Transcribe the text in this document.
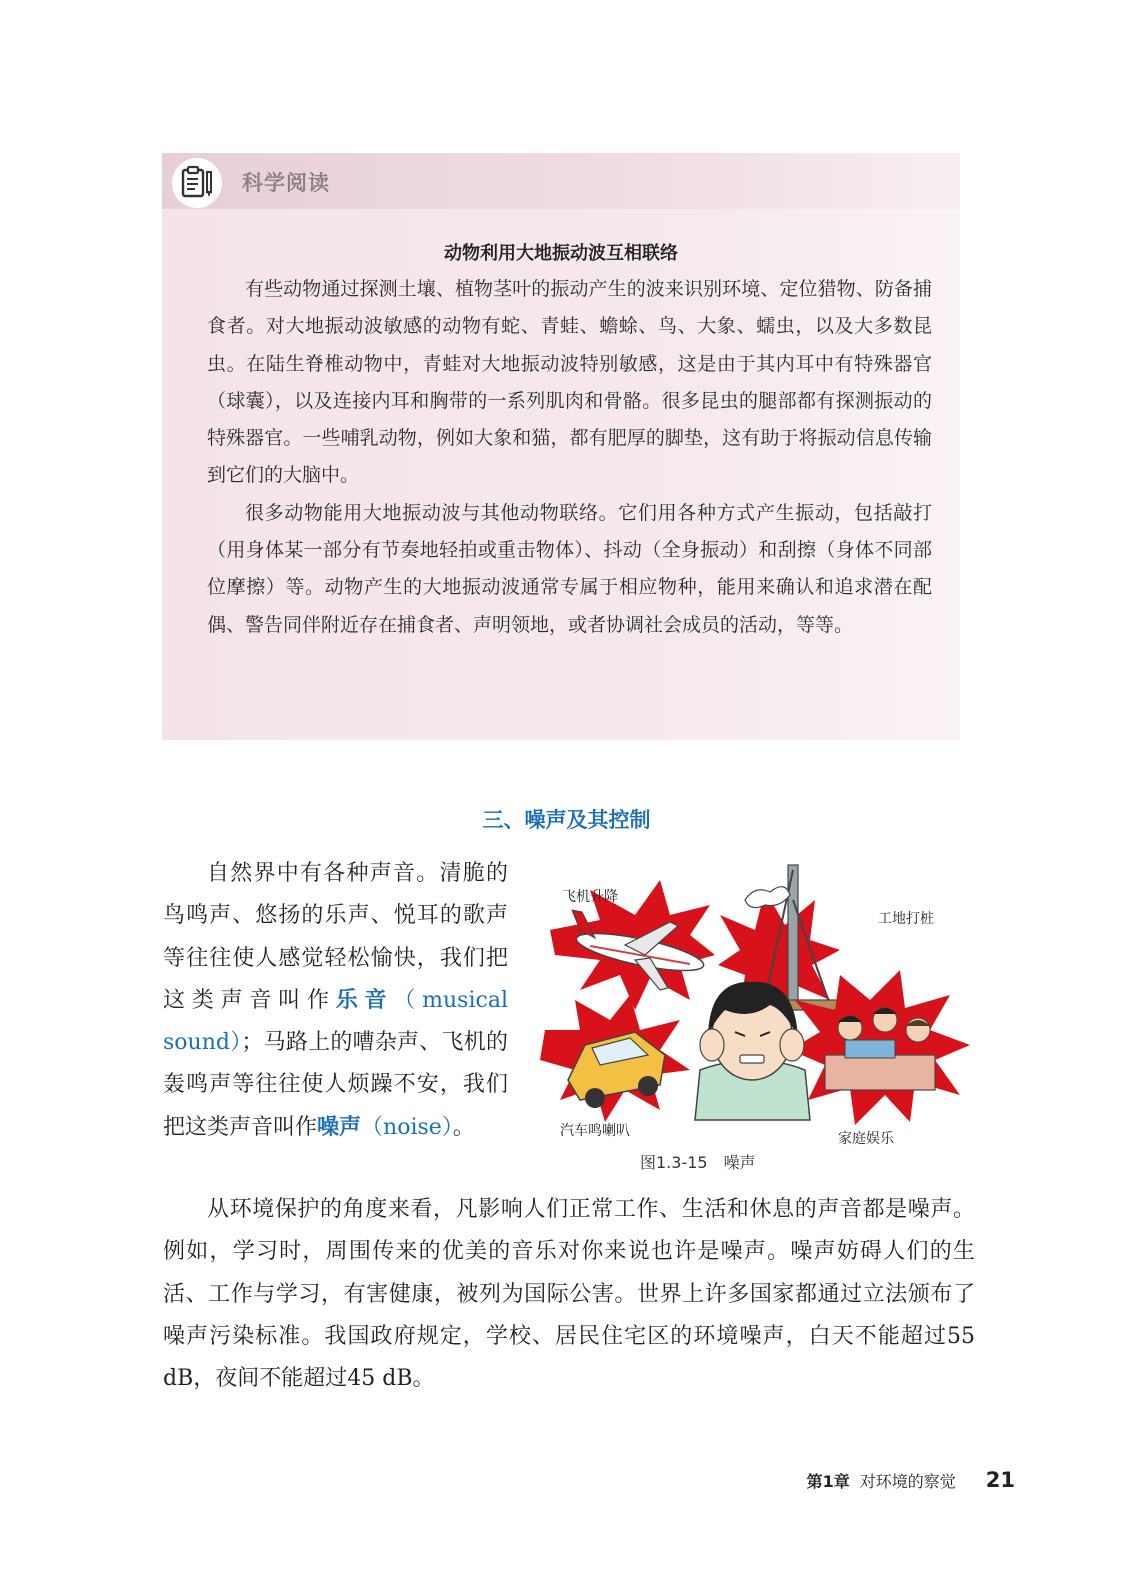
科学阅读
动物利用大地振动波互相联络

有些动物通过探测土壤、植物茎叶的振动产生的波来识别环境、定位猎物、防备捕食者。对大地振动波敏感的动物有蛇、青蛙、蟾蜍、鸟、大象、蠕虫，以及大多数昆虫。在陆生脊椎动物中，青蛙对大地振动波特别敏感，这是由于其内耳中有特殊器官（球囊），以及连接内耳和胸带的一系列肌肉和骨骼。很多昆虫的腿部都有探测振动的特殊器官。一些哺乳动物，例如大象和猫，都有肥厚的脚垫，这有助于将振动信息传输到它们的大脑中。

很多动物能用大地振动波与其他动物联络。它们用各种方式产生振动，包括敲打（用身体某一部分有节奏地轻拍或重击物体）、抖动（全身振动）和刮擦（身体不同部位摩擦）等。动物产生的大地振动波通常专属于相应物种，能用来确认和追求潜在配偶、警告同伴附近存在捕食者、声明领地，或者协调社会成员的活动，等等。

三、噪声及其控制

自然界中有各种声音。清脆的鸟鸣声、悠扬的乐声、悦耳的歌声等往往使人感觉轻松愉快，我们把这类声音叫作乐音（musical sound）；马路上的嘈杂声、飞机的轰鸣声等往往使人烦躁不安，我们把这类声音叫作噪声（noise）。

飞机升降
工地打桩
汽车鸣喇叭	家庭娱乐
图1.3-15 噪声

从环境保护的角度来看，凡影响人们正常工作、生活和休息的声音都是噪声。例如，学习时，周围传来的优美的音乐对你来说也许是噪声。噪声妨碍人们的生活、工作与学习，有害健康，被列为国际公害。世界上许多国家都通过立法颁布了噪声污染标准。我国政府规定，学校、居民住宅区的环境噪声，白天不能超过55 dB，夜间不能超过45 dB。

第1章 对环境的察觉 21
